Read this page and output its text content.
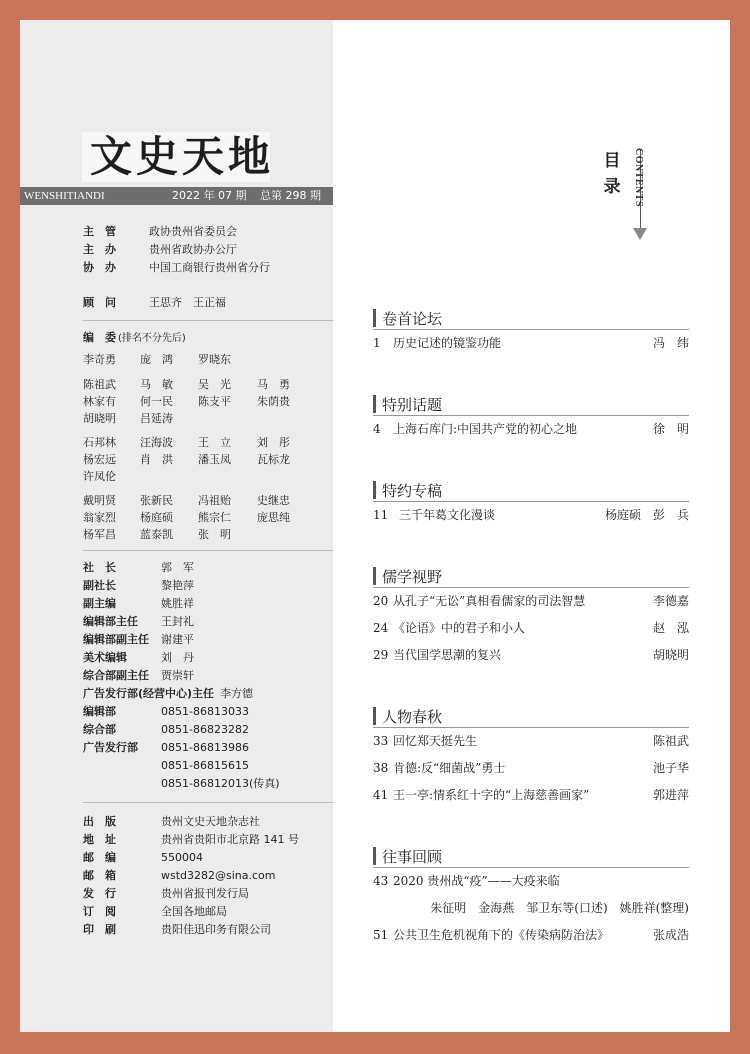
文史天地
WENSHITIANDI	2022 年 07 期 总第 298 期
主　管	政协贵州省委员会
主　办	贵州省政协办公厅
协　办	中国工商银行贵州省分行
顾　问	王思齐　王正福
编　委 (排名不分先后)
李奇勇 庞　鸿 罗晓东
陈祖武 马　敏 吴　光 马　勇
林家有 何一民 陈支平 朱荫贵
胡晓明 吕延涛
石邦林 汪海波 王　立 刘　彤
杨宏远 肖　洪 潘玉凤 瓦标龙
许凤伦
戴明贤 张新民 冯祖贻 史继忠
翁家烈 杨庭硕 熊宗仁 庞思纯
杨军昌 蓝泰凯 张　明
社　长	郭　军
副社长	黎艳萍
副主编	姚胜祥
编辑部主任 王封礼
编辑部副主任 谢建平
美术编辑	刘　丹
综合部副主任 贾崇轩
广告发行部(经营中心)主任 李方德
编辑部	0851-86813033
综合部	0851-86823282
广告发行部 0851-86813986
0851-86815615
0851-86812013(传真)
出　版	贵州文史天地杂志社
地　址	贵州省贵阳市北京路 141 号
邮　编	550004
邮　箱	wstd3282@sina.com
发　行	贵州省报刊发行局
订　阅	全国各地邮局
印　刷	贵阳佳迅印务有限公司
目
录 CONTENTS
卷首论坛
1 历史记述的镜鉴功能	冯　纬
特别话题
4 上海石库门:中国共产党的初心之地	徐　明
特约专稿
11 三千年葛文化漫谈	杨庭硕　彭　兵
儒学视野
20 从孔子“无讼”真相看儒家的司法智慧	李德嘉
24 《论语》中的君子和小人	赵　泓
29 当代国学思潮的复兴	胡晓明
人物春秋
33 回忆郑天挺先生	陈祖武
38 肯德:反“细菌战”勇士	池子华
41 王一亭:情系红十字的“上海慈善画家”	郭进萍
往事回顾
43 2020 贵州战“疫”——大疫来临
朱征明　金海燕　邹卫东等(口述)　姚胜祥(整理)
51 公共卫生危机视角下的《传染病防治法》	张成浩
